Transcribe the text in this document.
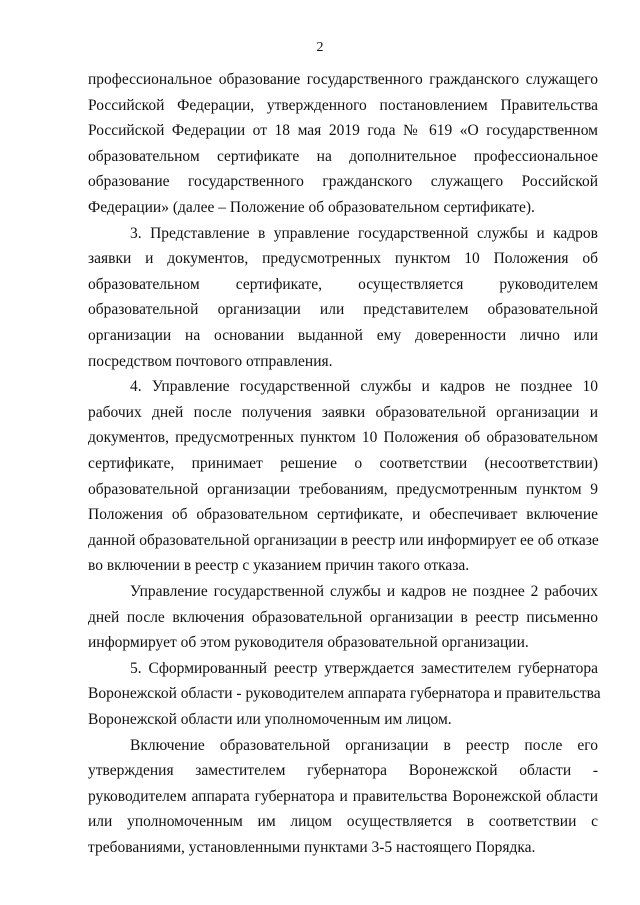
2
профессиональное образование государственного гражданского служащего
Российской Федерации, утвержденного постановлением Правительства
Российской Федерации от 18 мая 2019 года № 619 «О государственном
образовательном сертификате на дополнительное профессиональное
образование государственного гражданского служащего Российской
Федерации» (далее – Положение об образовательном сертификате).
3. Представление в управление государственной службы и кадров
заявки и документов, предусмотренных пунктом 10 Положения об
образовательном сертификате, осуществляется руководителем
образовательной организации или представителем образовательной
организации на основании выданной ему доверенности лично или
посредством почтового отправления.
4. Управление государственной службы и кадров не позднее 10
рабочих дней после получения заявки образовательной организации и
документов, предусмотренных пунктом 10 Положения об образовательном
сертификате, принимает решение о соответствии (несоответствии)
образовательной организации требованиям, предусмотренным пунктом 9
Положения об образовательном сертификате, и обеспечивает включение
данной образовательной организации в реестр или информирует ее об отказе
во включении в реестр с указанием причин такого отказа.
Управление государственной службы и кадров не позднее 2 рабочих
дней после включения образовательной организации в реестр письменно
информирует об этом руководителя образовательной организации.
5. Сформированный реестр утверждается заместителем губернатора
Воронежской области - руководителем аппарата губернатора и правительства
Воронежской области или уполномоченным им лицом.
Включение образовательной организации в реестр после его
утверждения заместителем губернатора Воронежской области -
руководителем аппарата губернатора и правительства Воронежской области
или уполномоченным им лицом осуществляется в соответствии с
требованиями, установленными пунктами 3-5 настоящего Порядка.
